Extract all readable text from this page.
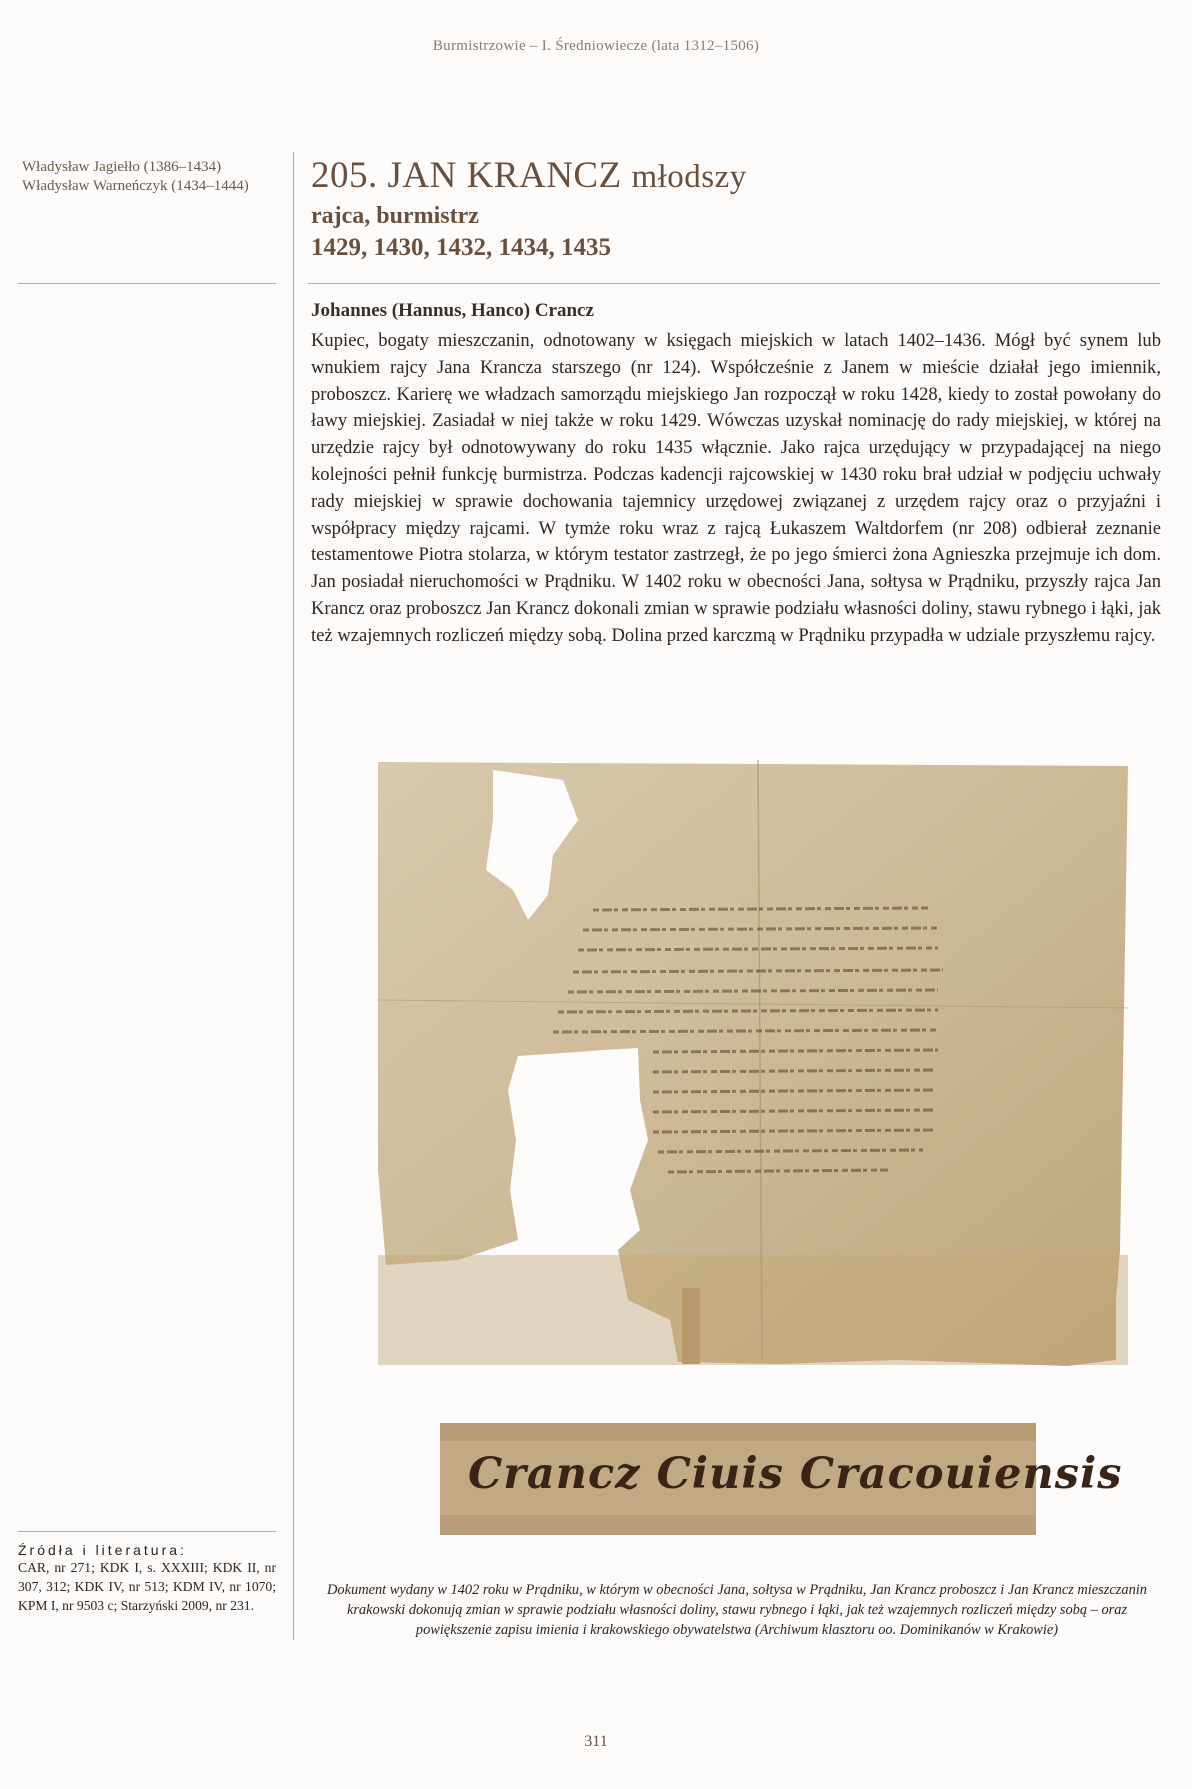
Burmistrzowie – I. Średniowiecze (lata 1312–1506)
Władysław Jagiełło (1386–1434)
Władysław Warneńczyk (1434–1444)	205. JAN KRANCZ młodszy
rajca, burmistrz
1429, 1430, 1432, 1434, 1435
Johannes (Hannus, Hanco) Crancz
Kupiec, bogaty mieszczanin, odnotowany w księgach miejskich w latach 1402–1436. Mógł być synem lub wnukiem rajcy Jana Krancza starszego (nr 124). Współcześnie z Janem w mieście działał jego imiennik, proboszcz. Karierę we władzach samorządu miejskiego Jan rozpoczął w roku 1428, kiedy to został powołany do ławy miejskiej. Zasiadał w niej także w roku 1429. Wówczas uzyskał nominację do rady miejskiej, w której na urzędzie rajcy był odnotowywany do roku 1435 włącznie. Jako rajca urzędujący w przypadającej na niego kolejności pełnił funkcję burmistrza. Podczas kadencji rajcowskiej w 1430 roku brał udział w podjęciu uchwały rady miejskiej w sprawie dochowania tajemnicy urzędowej związanej z urzędem rajcy oraz o przyjaźni i współpracy między rajcami. W tymże roku wraz z rajcą Łukaszem Waltdorfem (nr 208) odbierał zeznanie testamentowe Piotra stolarza, w którym testator zastrzegł, że po jego śmierci żona Agnieszka przejmuje ich dom. Jan posiadał nieruchomości w Prądniku. W 1402 roku w obecności Jana, sołtysa w Prądniku, przyszły rajca Jan Krancz oraz proboszcz Jan Krancz dokonali zmian w sprawie podziału własności doliny, stawu rybnego i łąki, jak też wzajemnych rozliczeń między sobą. Dolina przed karczmą w Prądniku przypadła w udziale przyszłemu rajcy.
Crancz Ciuis Cracouiensis
Źródła i literatura:
CAR, nr 271; KDK I, s. XXXIII; KDK II, nr 307, 312; KDK IV, nr 513; KDM IV, nr 1070; KPM I, nr 9503 c; Starzyński 2009, nr 231.
Dokument wydany w 1402 roku w Prądniku, w którym w obecności Jana, sołtysa w Prądniku, Jan Krancz proboszcz i Jan Krancz mieszczanin krakowski dokonują zmian w sprawie podziału własności doliny, stawu rybnego i łąki, jak też wzajemnych rozliczeń między sobą – oraz powiększenie zapisu imienia i krakowskiego obywatelstwa (Archiwum klasztoru oo. Dominikanów w Krakowie)
311
